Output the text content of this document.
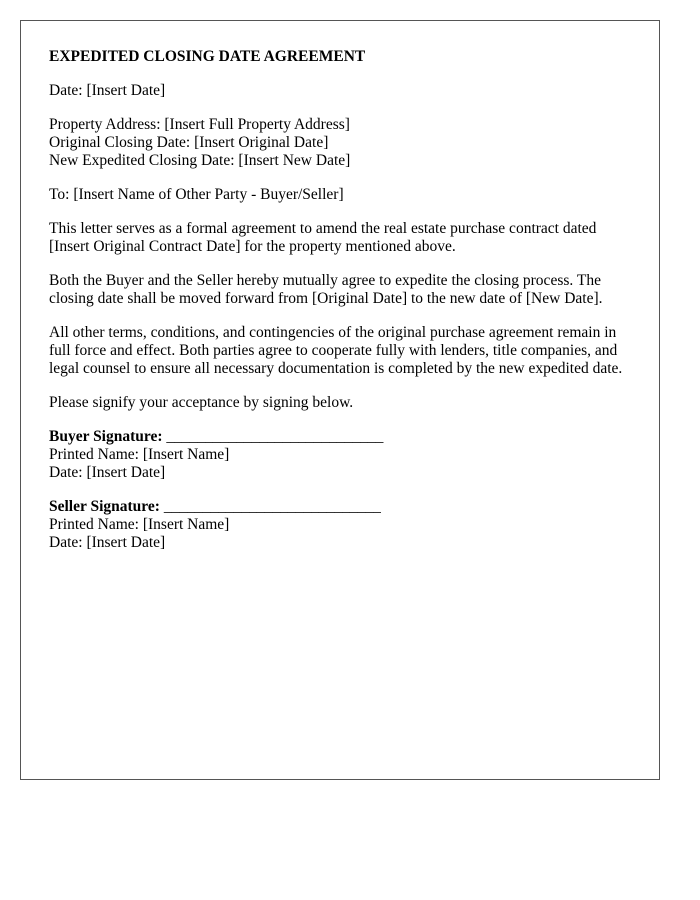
EXPEDITED CLOSING DATE AGREEMENT

Date: [Insert Date]

Property Address: [Insert Full Property Address]
Original Closing Date: [Insert Original Date]
New Expedited Closing Date: [Insert New Date]

To: [Insert Name of Other Party - Buyer/Seller]

This letter serves as a formal agreement to amend the real estate purchase contract dated [Insert Original Contract Date] for the property mentioned above.

Both the Buyer and the Seller hereby mutually agree to expedite the closing process. The closing date shall be moved forward from [Original Date] to the new date of [New Date].

All other terms, conditions, and contingencies of the original purchase agreement remain in full force and effect. Both parties agree to cooperate fully with lenders, title companies, and legal counsel to ensure all necessary documentation is completed by the new expedited date.

Please signify your acceptance by signing below.

Buyer Signature: ____________________________
Printed Name: [Insert Name]
Date: [Insert Date]
Seller Signature: ____________________________
Printed Name: [Insert Name]
Date: [Insert Date]
